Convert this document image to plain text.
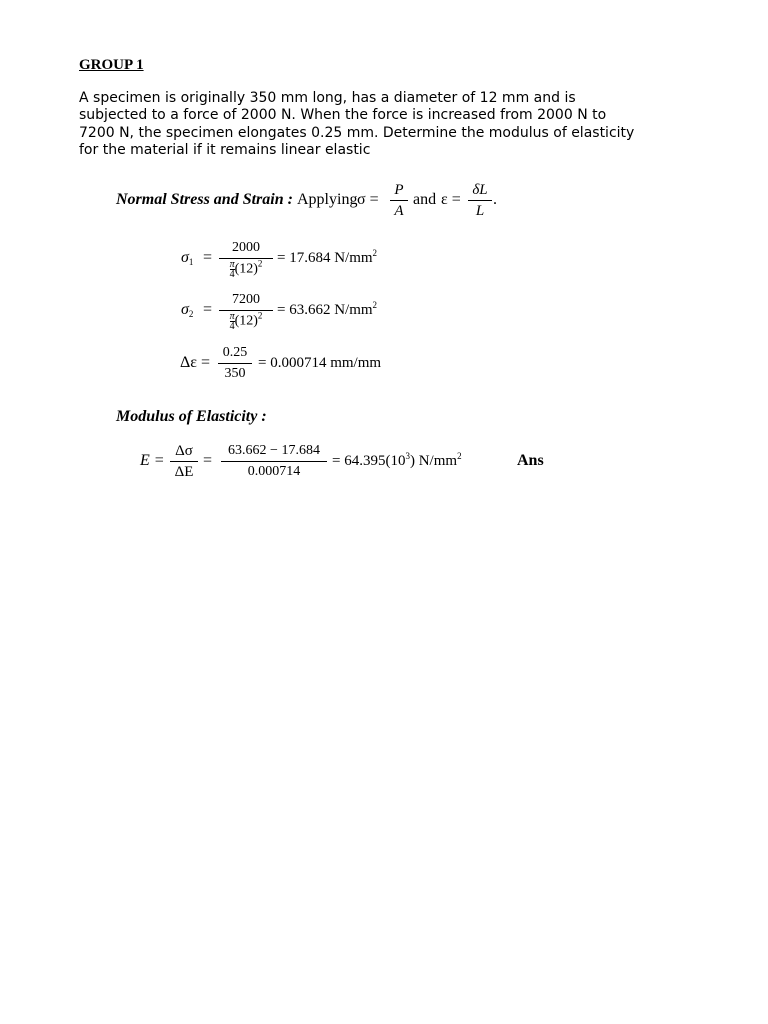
GROUP 1
A specimen is originally 350 mm long, has a diameter of 12 mm and is
subjected to a force of 2000 N. When the force is increased from 2000 N to
7200 N, the specimen elongates 0.25 mm. Determine the modulus of elasticity
for the material if it remains linear elastic
Normal Stress and Strain : Applying σ =
P
A
and ε =
δL
L
.
$\sigma_1$ =
2000
$\frac{\pi}{4} (12)^2 = 17.684$ $N/mm^2$
$\sigma_2$ =
7200
$\frac{\pi}{4} (12)^2 = 63.662$ $N/mm^2$
Δε =
0.25
350
= 0.000714 mm/mm
Modulus of Elasticity :
E =
Δσ
ΔE
=
63.662 − 17.684
0.000714
= $64.395(10^3)$ $N/mm^2$	Ans
